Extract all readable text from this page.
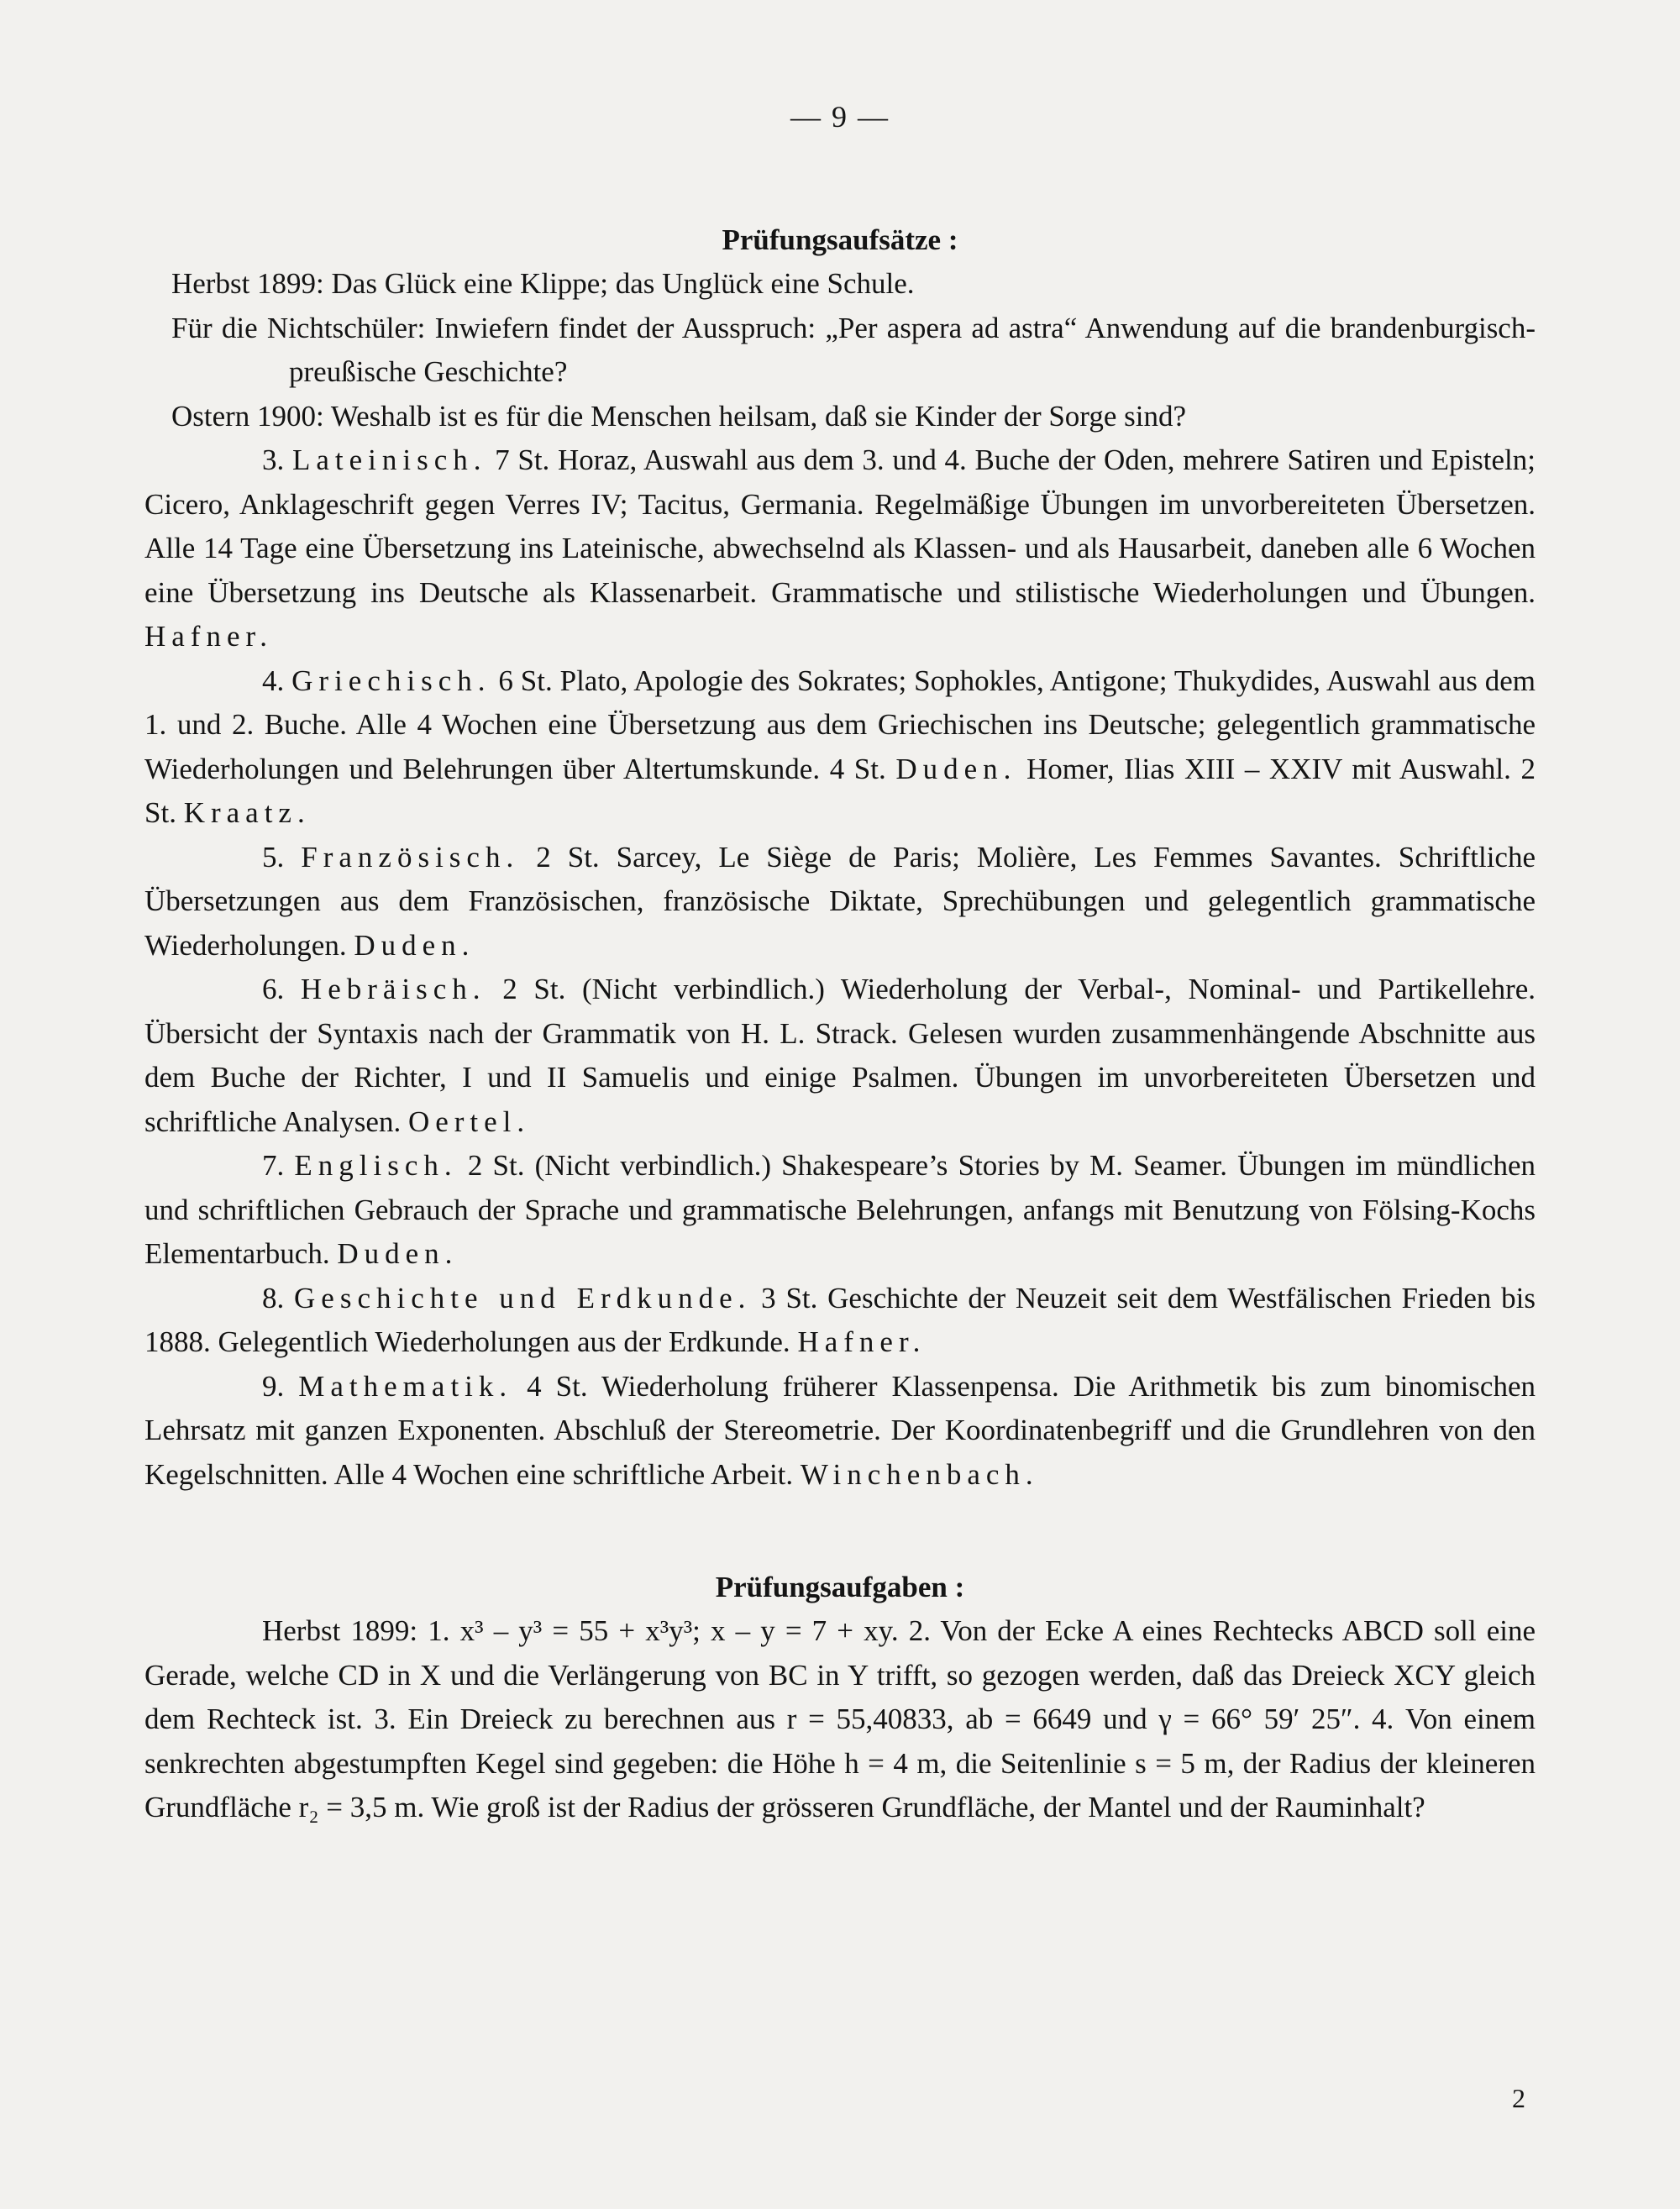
— 9 —
Prüfungsaufsätze :

Herbst 1899: Das Glück eine Klippe; das Unglück eine Schule.

Für die Nichtschüler: Inwiefern findet der Ausspruch: „Per aspera ad astra“ Anwendung auf die brandenburgisch-preußische Geschichte?

Ostern 1900: Weshalb ist es für die Menschen heilsam, daß sie Kinder der Sorge sind?

3. Lateinisch. 7 St. Horaz, Auswahl aus dem 3. und 4. Buche der Oden, mehrere Satiren und Episteln; Cicero, Anklageschrift gegen Verres IV; Tacitus, Germania. Regelmäßige Übungen im unvorbereiteten Übersetzen. Alle 14 Tage eine Übersetzung ins Lateinische, abwechselnd als Klassen- und als Hausarbeit, daneben alle 6 Wochen eine Übersetzung ins Deutsche als Klassenarbeit. Grammatische und stilistische Wiederholungen und Übungen. Hafner.

4. Griechisch. 6 St. Plato, Apologie des Sokrates; Sophokles, Antigone; Thukydides, Auswahl aus dem 1. und 2. Buche. Alle 4 Wochen eine Übersetzung aus dem Griechischen ins Deutsche; gelegentlich grammatische Wiederholungen und Belehrungen über Altertumskunde. 4 St. Duden. Homer, Ilias XIII – XXIV mit Auswahl. 2 St. Kraatz.

5. Französisch. 2 St. Sarcey, Le Siège de Paris; Molière, Les Femmes Savantes. Schriftliche Übersetzungen aus dem Französischen, französische Diktate, Sprechübungen und gelegentlich grammatische Wiederholungen. Duden.

6. Hebräisch. 2 St. (Nicht verbindlich.) Wiederholung der Verbal-, Nominal- und Partikellehre. Übersicht der Syntaxis nach der Grammatik von H. L. Strack. Gelesen wurden zusammenhängende Abschnitte aus dem Buche der Richter, I und II Samuelis und einige Psalmen. Übungen im unvorbereiteten Übersetzen und schriftliche Analysen. Oertel.

7. Englisch. 2 St. (Nicht verbindlich.) Shakespeare’s Stories by M. Seamer. Übungen im mündlichen und schriftlichen Gebrauch der Sprache und grammatische Belehrungen, anfangs mit Benutzung von Fölsing-Kochs Elementarbuch. Duden.

8. Geschichte und Erdkunde. 3 St. Geschichte der Neuzeit seit dem Westfälischen Frieden bis 1888. Gelegentlich Wiederholungen aus der Erdkunde. Hafner.

9. Mathematik. 4 St. Wiederholung früherer Klassenpensa. Die Arithmetik bis zum binomischen Lehrsatz mit ganzen Exponenten. Abschluß der Stereometrie. Der Koordinatenbegriff und die Grundlehren von den Kegelschnitten. Alle 4 Wochen eine schriftliche Arbeit. Winchenbach.

Prüfungsaufgaben :

Herbst 1899: 1. x³ – y³ = 55 + x³y³; x – y = 7 + xy. 2. Von der Ecke A eines Rechtecks ABCD soll eine Gerade, welche CD in X und die Verlängerung von BC in Y trifft, so gezogen werden, daß das Dreieck XCY gleich dem Rechteck ist. 3. Ein Dreieck zu berechnen aus r = 55,40833, ab = 6649 und γ = 66° 59′ 25″. 4. Von einem senkrechten abgestumpften Kegel sind gegeben: die Höhe h = 4 m, die Seitenlinie s = 5 m, der Radius der kleineren Grundfläche r₂ = 3,5 m. Wie groß ist der Radius der grösseren Grundfläche, der Mantel und der Rauminhalt?

2
